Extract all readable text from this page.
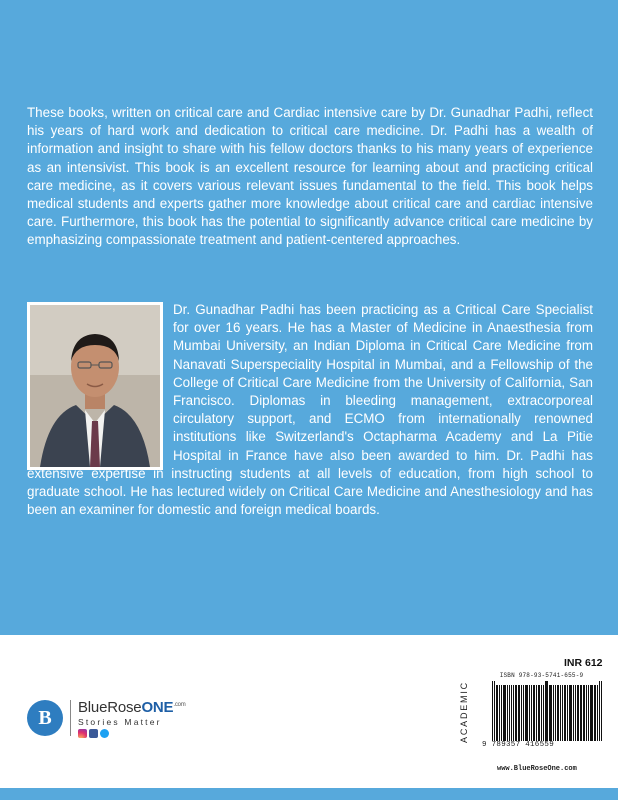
These books, written on critical care and Cardiac intensive care by Dr. Gunadhar Padhi, reflect his years of hard work and dedication to critical care medicine. Dr. Padhi has a wealth of information and insight to share with his fellow doctors thanks to his many years of experience as an intensivist. This book is an excellent resource for learning about and practicing critical care medicine, as it covers various relevant issues fundamental to the field. This book helps medical students and experts gather more knowledge about critical care and cardiac intensive care. Furthermore, this book has the potential to significantly advance critical care medicine by emphasizing compassionate treatment and patient-centered approaches.

Dr. Gunadhar Padhi has been practicing as a Critical Care Specialist for over 16 years. He has a Master of Medicine in Anaesthesia from Mumbai University, an Indian Diploma in Critical Care Medicine from Nanavati Superspeciality Hospital in Mumbai, and a Fellowship of the College of Critical Care Medicine from the University of California, San Francisco. Diplomas in bleeding management, extracorporeal circulatory support, and ECMO from internationally renowned institutions like Switzerland's Octapharma Academy and La Pitie Hospital in France have also been awarded to him. Dr. Padhi has extensive expertise in instructing students at all levels of education, from high school to graduate school. He has lectured widely on Critical Care Medicine and Anesthesiology and has been an examiner for domestic and foreign medical boards.

B BlueRoseONE$^{.com}$
Stories Matter
INR 612
ACADEMIC
ISBN 978-93-5741-655-9
9 789357 416559
www.BlueRoseOne.com
